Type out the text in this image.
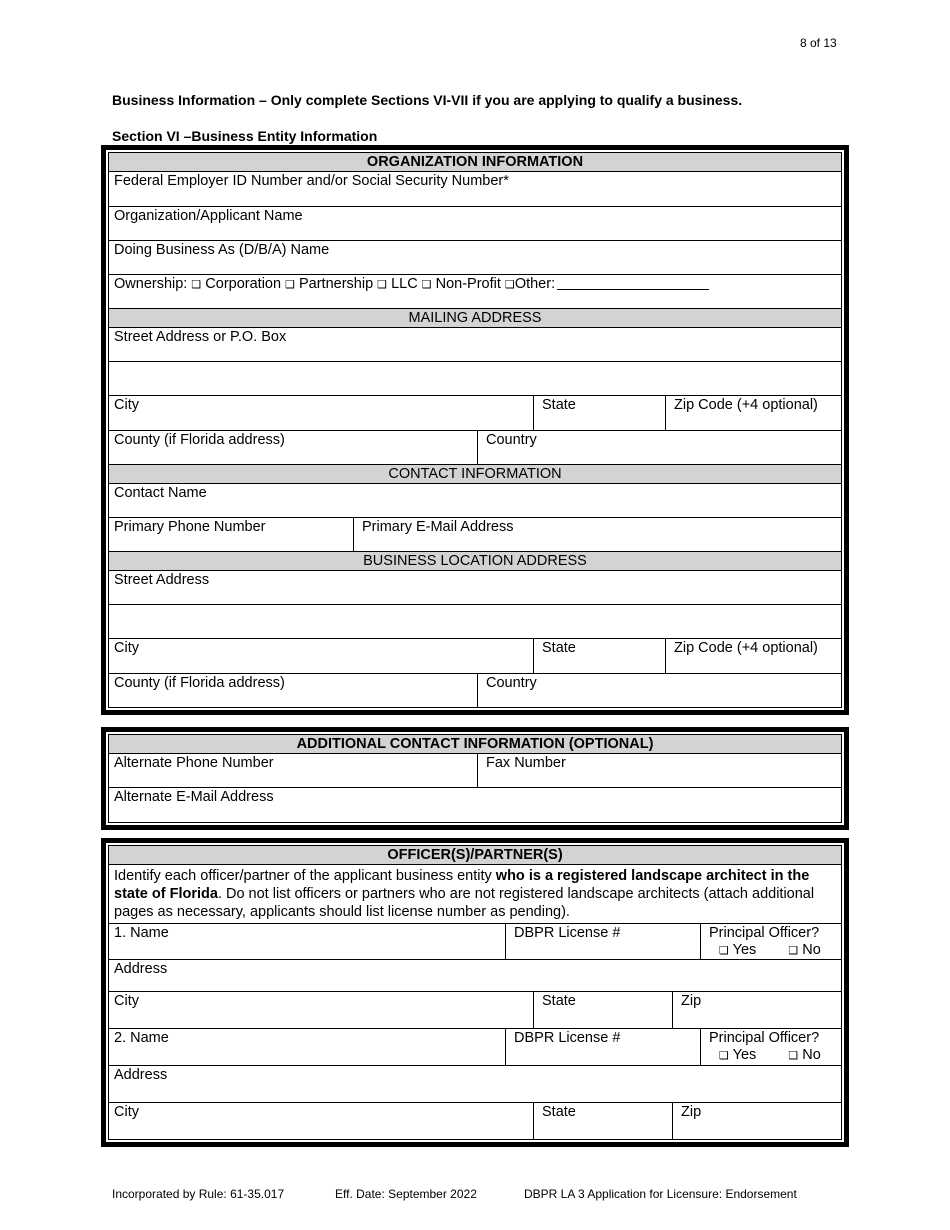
8 of 13
Business Information – Only complete Sections VI-VII if you are applying to qualify a business.
Section VI –Business Entity Information
ORGANIZATION INFORMATION
Federal Employer ID Number and/or Social Security Number*
Organization/Applicant Name
Doing Business As (D/B/A) Name
Ownership: ❑ Corporation ❑ Partnership ❑ LLC ❑ Non-Profit ❑Other:
MAILING ADDRESS
Street Address or P.O. Box
City	State	Zip Code (+4 optional)
County (if Florida address)	Country
CONTACT INFORMATION
Contact Name
Primary Phone Number	Primary E-Mail Address
BUSINESS LOCATION ADDRESS
Street Address
City	State	Zip Code (+4 optional)
County (if Florida address)	Country
ADDITIONAL CONTACT INFORMATION (OPTIONAL)
Alternate Phone Number	Fax Number
Alternate E-Mail Address
OFFICER(S)/PARTNER(S)
Identify each officer/partner of the applicant business entity who is a registered landscape architect in the state of Florida. Do not list officers or partners who are not registered landscape architects (attach additional pages as necessary, applicants should list license number as pending).
1. Name	DBPR License #	Principal Officer?
❑ Yes	❑ No
Address
City	State	Zip
2. Name	DBPR License #	Principal Officer?
❑ Yes	❑ No
Address
City	State	Zip
Incorporated by Rule: 61-35.017	Eff. Date: September 2022	DBPR LA 3 Application for Licensure: Endorsement
